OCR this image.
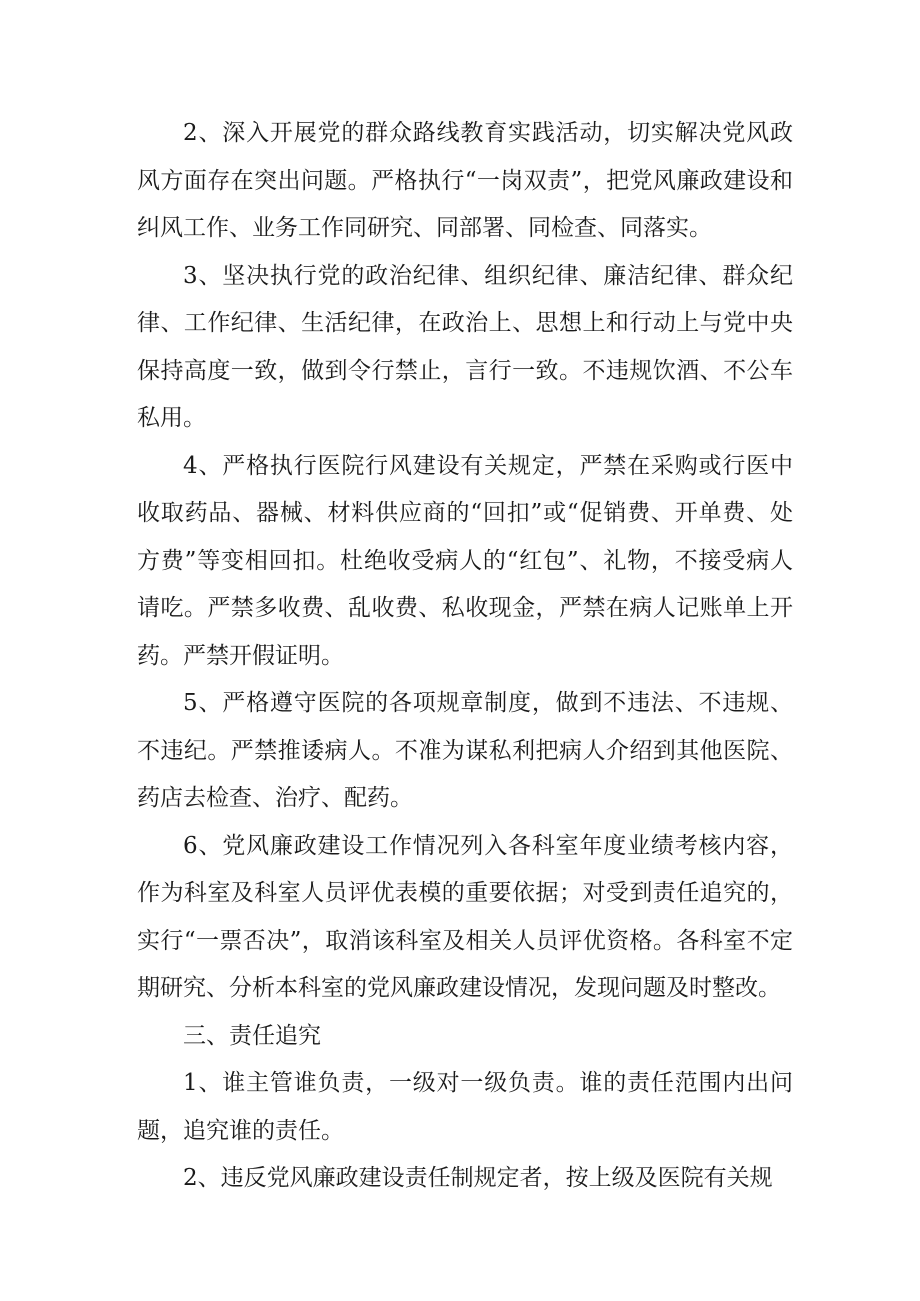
2、深入开展党的群众路线教育实践活动，切实解决党风政风方面存在突出问题。严格执行“一岗双责”，把党风廉政建设和纠风工作、业务工作同研究、同部署、同检查、同落实。

3、坚决执行党的政治纪律、组织纪律、廉洁纪律、群众纪律、工作纪律、生活纪律，在政治上、思想上和行动上与党中央保持高度一致，做到令行禁止，言行一致。不违规饮酒、不公车私用。

4、严格执行医院行风建设有关规定，严禁在采购或行医中收取药品、器械、材料供应商的“回扣”或“促销费、开单费、处方费”等变相回扣。杜绝收受病人的“红包”、礼物，不接受病人请吃。严禁多收费、乱收费、私收现金，严禁在病人记账单上开药。严禁开假证明。

5、严格遵守医院的各项规章制度，做到不违法、不违规、不违纪。严禁推诿病人。不准为谋私利把病人介绍到其他医院、药店去检查、治疗、配药。

6、党风廉政建设工作情况列入各科室年度业绩考核内容，作为科室及科室人员评优表模的重要依据；对受到责任追究的，实行“一票否决”，取消该科室及相关人员评优资格。各科室不定期研究、分析本科室的党风廉政建设情况，发现问题及时整改。

三、责任追究

1、谁主管谁负责，一级对一级负责。谁的责任范围内出问题，追究谁的责任。

2、违反党风廉政建设责任制规定者，按上级及医院有关规
